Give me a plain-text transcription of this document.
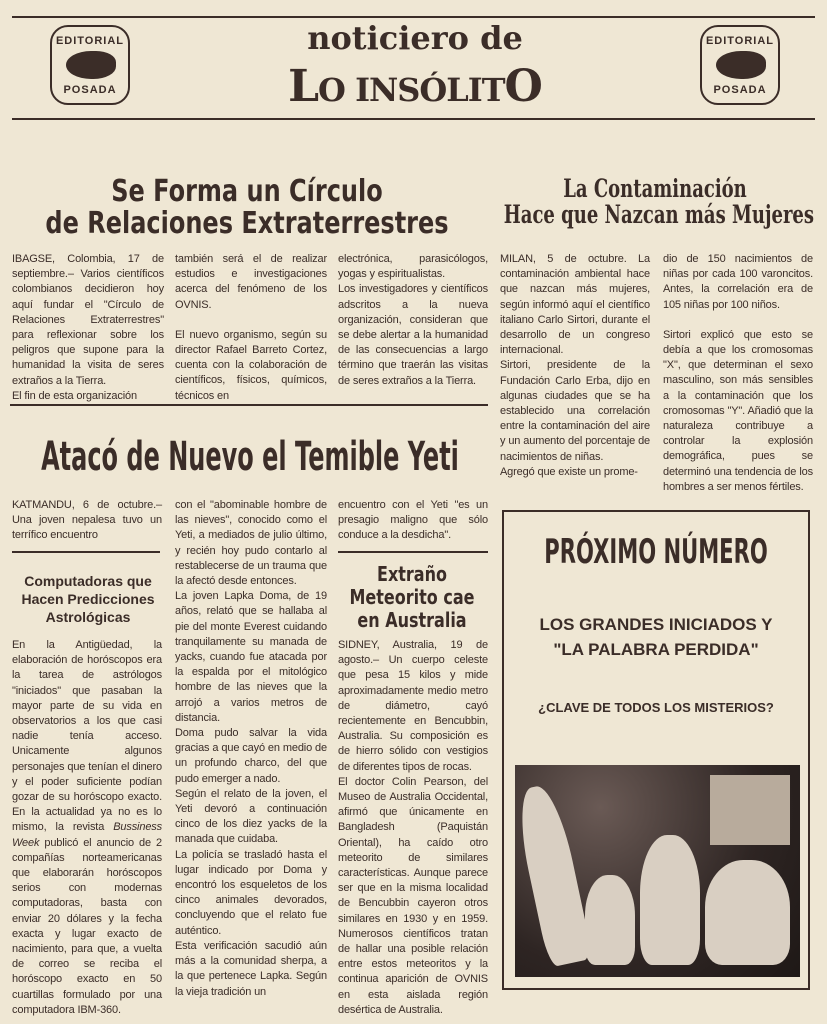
EDITORIAL
POSADA
EDITORIAL
POSADA
noticiero de
LO INSÓLITO
Se Forma un Círculo
de Relaciones Extraterrestres

IBAGSE, Colombia, 17 de septiembre.– Varios científicos colombianos decidieron hoy aquí fundar el "Círculo de Relaciones Extraterrestres" para reflexionar sobre los peligros que supone para la humanidad la visita de seres extraños a la Tierra.

El fin de esta organización

también será el de realizar estudios e investigaciones acerca del fenómeno de los OVNIS.

El nuevo organismo, según su director Rafael Barreto Cortez, cuenta con la colaboración de científicos, físicos, químicos, técnicos en

electrónica, parasicólogos, yogas y espiritualistas.

Los investigadores y científicos adscritos a la nueva organización, consideran que se debe alertar a la humanidad de las consecuencias a largo término que traerán las visitas de seres extraños a la Tierra.

La Contaminación
Hace que Nazcan más Mujeres

MILAN, 5 de octubre. La contaminación ambiental hace que nazcan más mujeres, según informó aquí el científico italiano Carlo Sirtori, durante el desarrollo de un congreso internacional.

Sirtori, presidente de la Fundación Carlo Erba, dijo en algunas ciudades que se ha establecido una correlación entre la contaminación del aire y un aumento del porcentaje de nacimientos de niñas.

Agregó que existe un prome-

dio de 150 nacimientos de niñas por cada 100 varoncitos. Antes, la correlación era de 105 niñas por 100 niños.

Sirtori explicó que esto se debía a que los cromosomas "X", que determinan el sexo masculino, son más sensibles a la contaminación que los cromosomas "Y". Añadió que la naturaleza contribuye a controlar la explosión demográfica, pues se determinó una tendencia de los hombres a ser menos fértiles.

Atacó de Nuevo el Temible Yeti

KATMANDU, 6 de octubre.– Una joven nepalesa tuvo un terrífico encuentro

con el "abominable hombre de las nieves", conocido como el Yeti, a mediados de julio último, y recién hoy pudo contarlo al restablecerse de un trauma que la afectó desde entonces.

La joven Lapka Doma, de 19 años, relató que se hallaba al pie del monte Everest cuidando tranquilamente su manada de yacks, cuando fue atacada por la espalda por el mitológico hombre de las nieves que la arrojó a varios metros de distancia.

Doma pudo salvar la vida gracias a que cayó en medio de un profundo charco, del que pudo emerger a nado.

Según el relato de la joven, el Yeti devoró a continuación cinco de los diez yacks de la manada que cuidaba.

La policía se trasladó hasta el lugar indicado por Doma y encontró los esqueletos de los cinco animales devorados, concluyendo que el relato fue auténtico.

Esta verificación sacudió aún más a la comunidad sherpa, a la que pertenece Lapka. Según la vieja tradición un

encuentro con el Yeti "es un presagio maligno que sólo conduce a la desdicha".

Computadoras que Hacen Predicciones Astrológicas

En la Antigüedad, la elaboración de horóscopos era la tarea de astrólogos "iniciados" que pasaban la mayor parte de su vida en observatorios a los que casi nadie tenía acceso. Unicamente algunos personajes que tenían el dinero y el poder suficiente podían gozar de su horóscopo exacto. En la actualidad ya no es lo mismo, la revista Bussiness Week publicó el anuncio de 2 compañías norteamericanas que elaborarán horóscopos serios con modernas computadoras, basta con enviar 20 dólares y la fecha exacta y lugar exacto de nacimiento, para que, a vuelta de correo se reciba el horóscopo exacto en 50 cuartillas formulado por una computadora IBM-360.

Extraño Meteorito cae en Australia

SIDNEY, Australia, 19 de agosto.– Un cuerpo celeste que pesa 15 kilos y mide aproximadamente medio metro de diámetro, cayó recientemente en Bencubbin, Australia. Su composición es de hierro sólido con vestigios de diferentes tipos de rocas.

El doctor Colin Pearson, del Museo de Australia Occidental, afirmó que únicamente en Bangladesh (Paquistán Oriental), ha caído otro meteorito de similares características. Aunque parece ser que en la misma localidad de Bencubbin cayeron otros similares en 1930 y en 1959. Numerosos científicos tratan de hallar una posible relación entre estos meteoritos y la continua aparición de OVNIS en esta aislada región desértica de Australia.

PRÓXIMO NÚMERO
LOS GRANDES INICIADOS Y
"LA PALABRA PERDIDA"
¿CLAVE DE TODOS LOS MISTERIOS?
